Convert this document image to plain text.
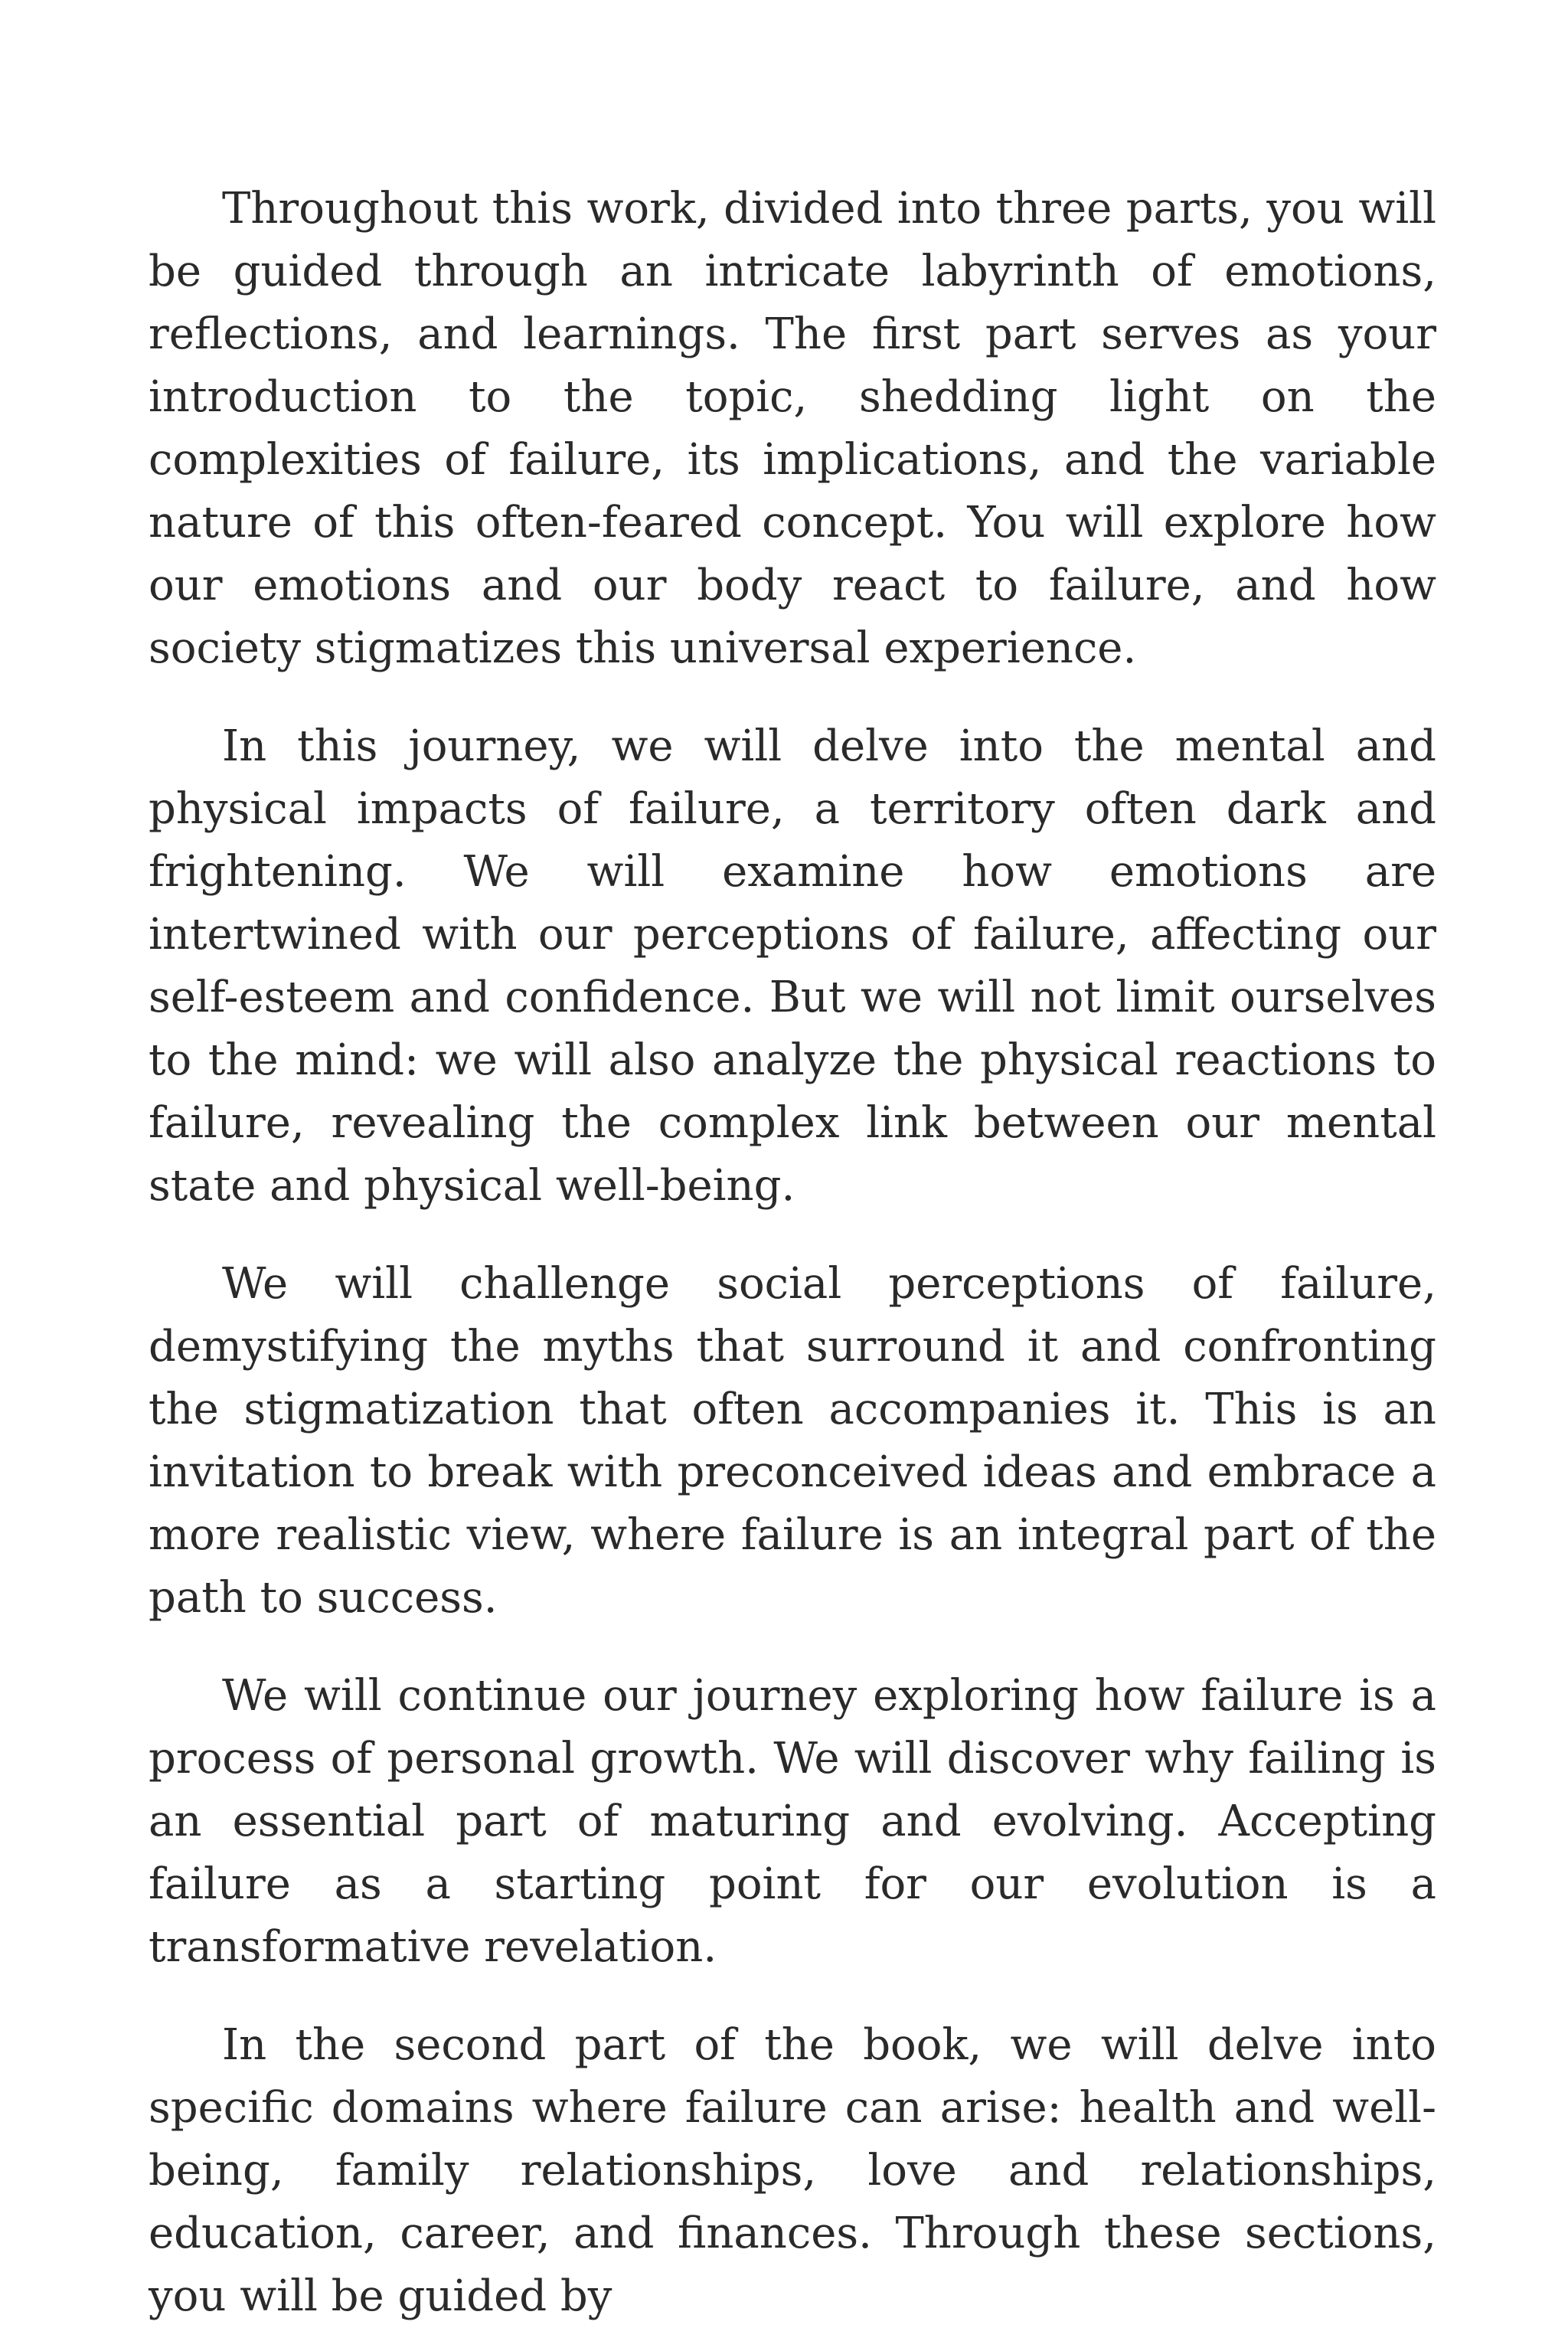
Throughout this work, divided into three parts, you will be guided through an intricate labyrinth of emotions, reflections, and learnings. The first part serves as your introduction to the topic, shedding light on the complexities of failure, its implications, and the variable nature of this often-feared concept. You will explore how our emotions and our body react to failure, and how society stigmatizes this universal experience.

In this journey, we will delve into the mental and physical impacts of failure, a territory often dark and frightening. We will examine how emotions are intertwined with our perceptions of failure, affecting our self-esteem and confidence. But we will not limit ourselves to the mind: we will also analyze the physical reactions to failure, revealing the complex link between our mental state and physical well-being.

We will challenge social perceptions of failure, demystifying the myths that surround it and confronting the stigmatization that often accompanies it. This is an invitation to break with preconceived ideas and embrace a more realistic view, where failure is an integral part of the path to success.

We will continue our journey exploring how failure is a process of personal growth. We will discover why failing is an essential part of maturing and evolving. Accepting failure as a starting point for our evolution is a transformative revelation.

In the second part of the book, we will delve into specific domains where failure can arise: health and well-being, family relationships, love and relationships, education, career, and finances. Through these sections, you will be guided by
